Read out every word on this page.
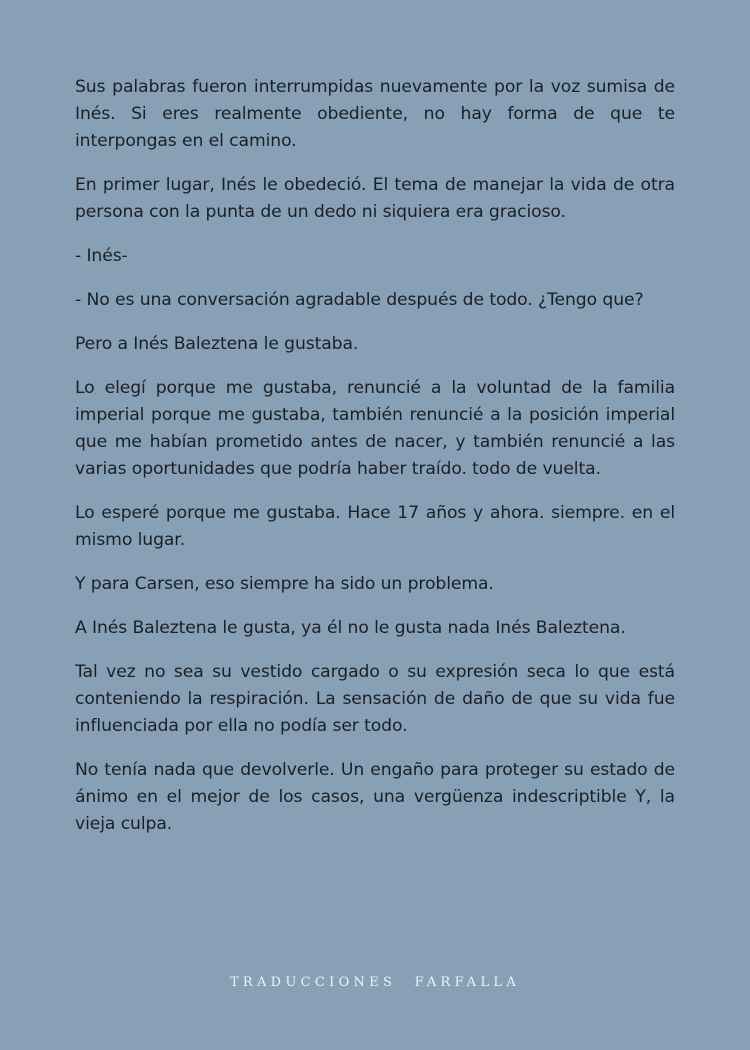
Sus palabras fueron interrumpidas nuevamente por la voz sumisa de Inés. Si eres realmente obediente, no hay forma de que te interpongas en el camino.

En primer lugar, Inés le obedeció. El tema de manejar la vida de otra persona con la punta de un dedo ni siquiera era gracioso.

- Inés-

- No es una conversación agradable después de todo. ¿Tengo que?

Pero a Inés Baleztena le gustaba.

Lo elegí porque me gustaba, renuncié a la voluntad de la familia imperial porque me gustaba, también renuncié a la posición imperial que me habían prometido antes de nacer, y también renuncié a las varias oportunidades que podría haber traído. todo de vuelta.

Lo esperé porque me gustaba. Hace 17 años y ahora. siempre. en el mismo lugar.

Y para Carsen, eso siempre ha sido un problema.

A Inés Baleztena le gusta, ya él no le gusta nada Inés Baleztena.

Tal vez no sea su vestido cargado o su expresión seca lo que está conteniendo la respiración. La sensación de daño de que su vida fue influenciada por ella no podía ser todo.

No tenía nada que devolverle. Un engaño para proteger su estado de ánimo en el mejor de los casos, una vergüenza indescriptible Y, la vieja culpa.

TRADUCCIONES FARFALLA
